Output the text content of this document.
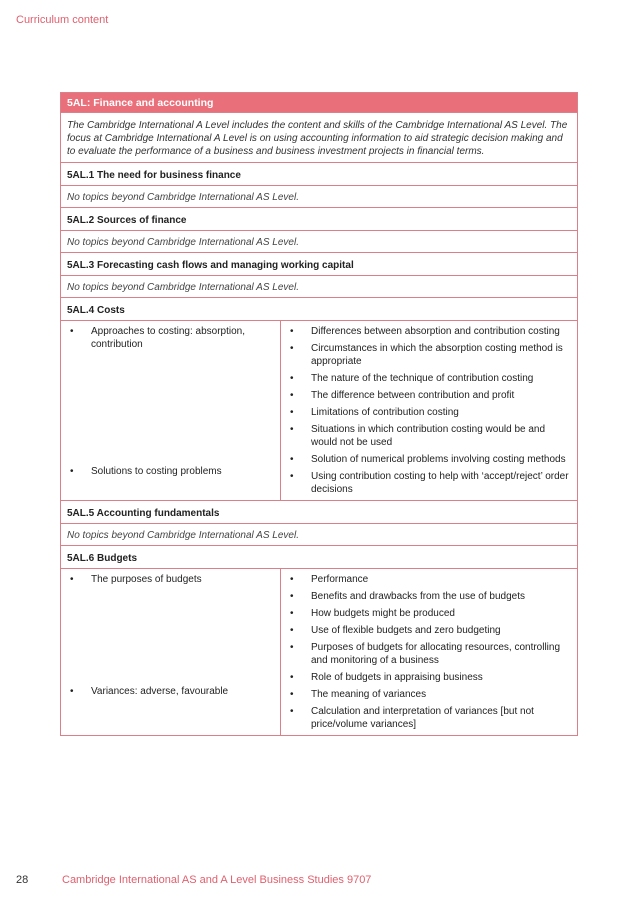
Curriculum content
5AL: Finance and accounting
The Cambridge International A Level includes the content and skills of the Cambridge International AS Level. The focus at Cambridge International A Level is on using accounting information to aid strategic decision making and to evaluate the performance of a business and business investment projects in financial terms.
5AL.1 The need for business finance
No topics beyond Cambridge International AS Level.
5AL.2 Sources of finance
No topics beyond Cambridge International AS Level.
5AL.3 Forecasting cash flows and managing working capital
No topics beyond Cambridge International AS Level.
5AL.4 Costs
• Approaches to costing: absorption, contribution
• Solutions to costing problems
• Differences between absorption and contribution costing
• Circumstances in which the absorption costing method is appropriate
• The nature of the technique of contribution costing
• The difference between contribution and profit
• Limitations of contribution costing
• Situations in which contribution costing would be and would not be used
• Solution of numerical problems involving costing methods
• Using contribution costing to help with ‘accept/reject’ order decisions
5AL.5 Accounting fundamentals
No topics beyond Cambridge International AS Level.
5AL.6 Budgets
• The purposes of budgets
• Variances: adverse, favourable
• Performance
• Benefits and drawbacks from the use of budgets
• How budgets might be produced
• Use of flexible budgets and zero budgeting
• Purposes of budgets for allocating resources, controlling and monitoring of a business
• Role of budgets in appraising business
• The meaning of variances
• Calculation and interpretation of variances [but not price/volume variances]
28	Cambridge International AS and A Level Business Studies 9707
